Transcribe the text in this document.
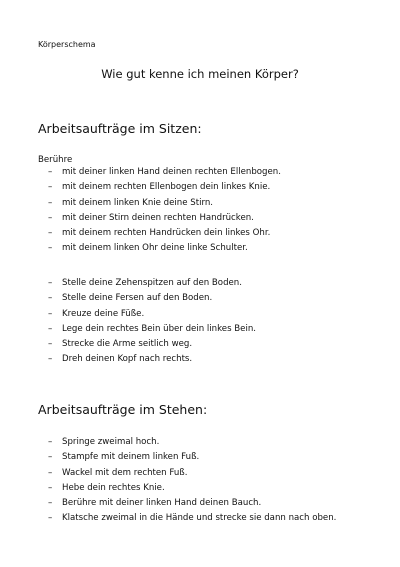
Körperschema
Wie gut kenne ich meinen Körper?
Arbeitsaufträge im Sitzen:
Berühre
– mit deiner linken Hand deinen rechten Ellenbogen.
– mit deinem rechten Ellenbogen dein linkes Knie.
– mit deinem linken Knie deine Stirn.
– mit deiner Stirn deinen rechten Handrücken.
– mit deinem rechten Handrücken dein linkes Ohr.
– mit deinem linken Ohr deine linke Schulter.
– Stelle deine Zehenspitzen auf den Boden.
– Stelle deine Fersen auf den Boden.
– Kreuze deine Füße.
– Lege dein rechtes Bein über dein linkes Bein.
– Strecke die Arme seitlich weg.
– Dreh deinen Kopf nach rechts.
Arbeitsaufträge im Stehen:
– Springe zweimal hoch.
– Stampfe mit deinem linken Fuß.
– Wackel mit dem rechten Fuß.
– Hebe dein rechtes Knie.
– Berühre mit deiner linken Hand deinen Bauch.
– Klatsche zweimal in die Hände und strecke sie dann nach oben.
